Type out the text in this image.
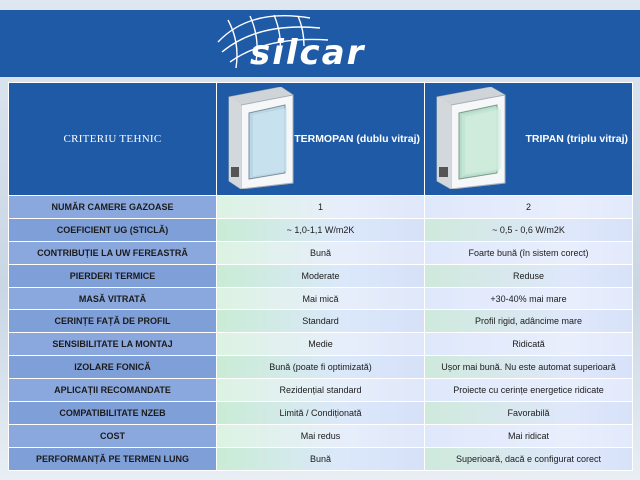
silcar
CRITERIU TEHNIC	TERMOPAN (dublu vitraj)	TRIPAN (triplu vitraj)

NUMĂR CAMERE GAZOASE	1	2
COEFICIENT UG (STICLĂ)	~ 1,0-1,1 W/m2K	~ 0,5 - 0,6 W/m2K
CONTRIBUȚIE LA UW FEREASTRĂ	Bună	Foarte bună (în sistem corect)
PIERDERI TERMICE	Moderate	Reduse
MASĂ VITRATĂ	Mai mică	+30-40% mai mare
CERINȚE FAȚĂ DE PROFIL	Standard	Profil rigid, adâncime mare
SENSIBILITATE LA MONTAJ	Medie	Ridicată
IZOLARE FONICĂ	Bună (poate fi optimizată)	Ușor mai bună. Nu este automat superioară
APLICAȚII RECOMANDATE	Rezidențial standard	Proiecte cu cerințe energetice ridicate
COMPATIBILITATE NZEB	Limită / Condiționată	Favorabilă
COST	Mai redus	Mai ridicat
PERFORMANȚĂ PE TERMEN LUNG	Bună	Superioară, dacă e configurat corect
